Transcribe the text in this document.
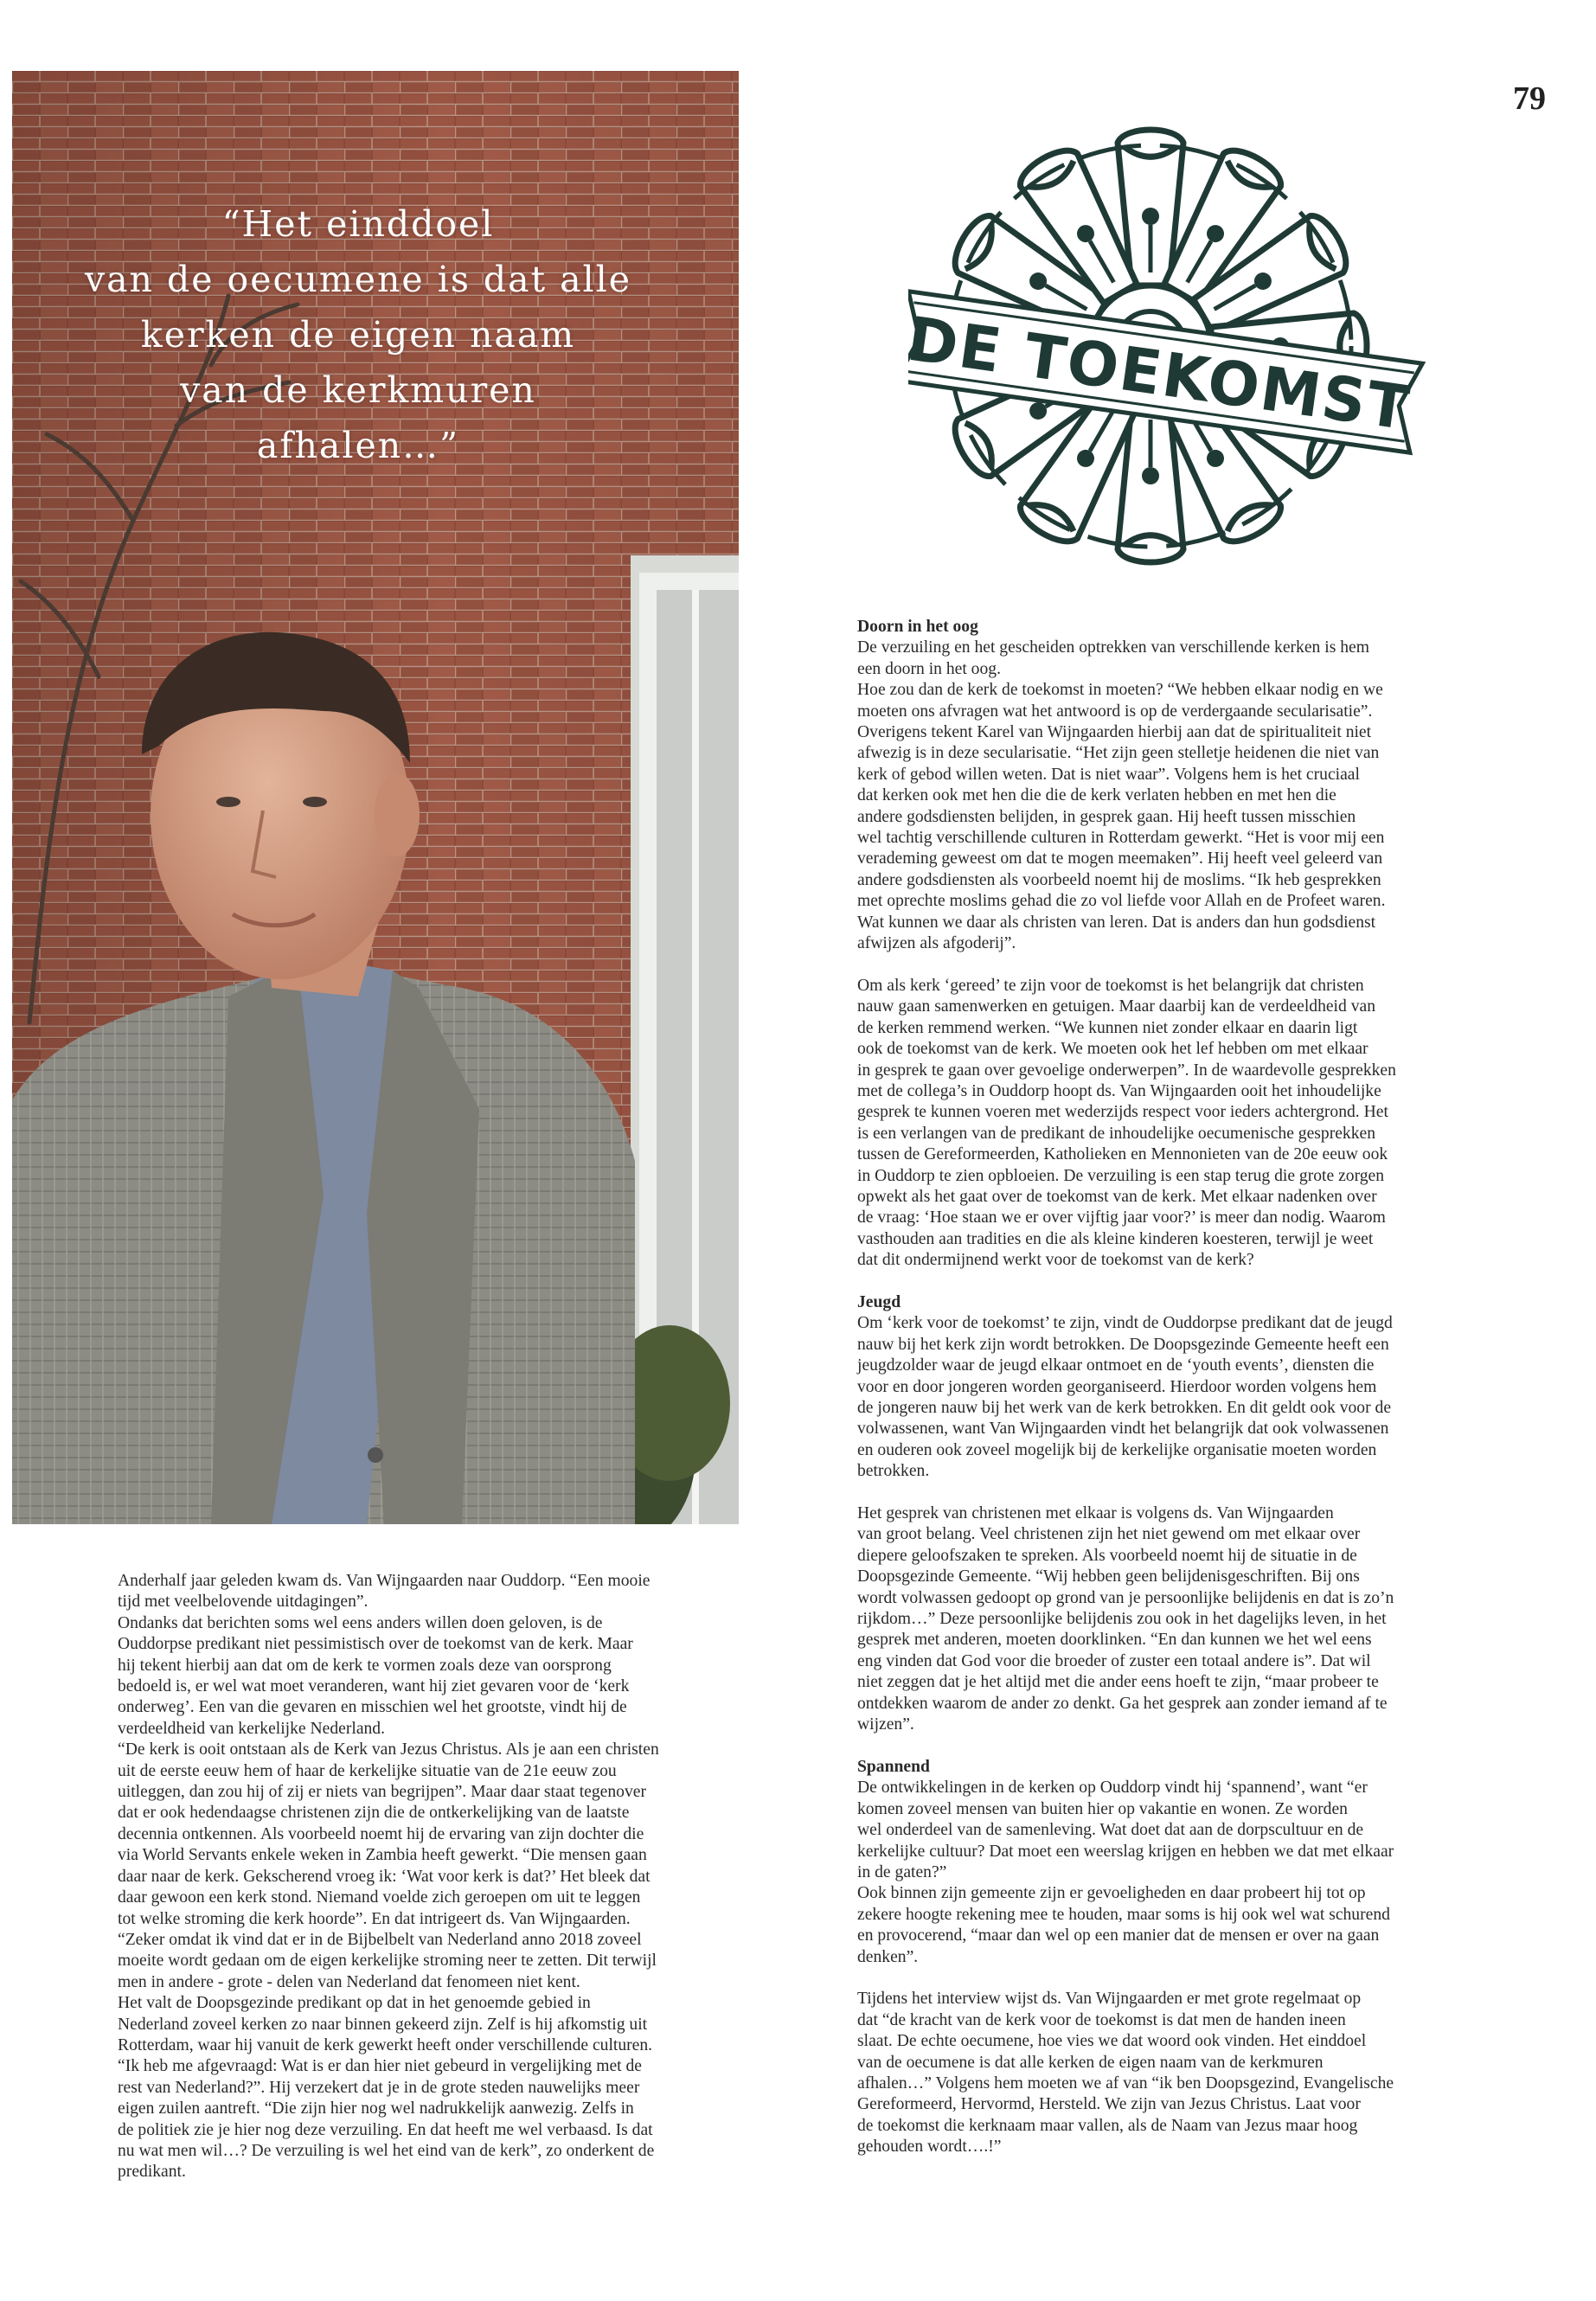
79
“Het einddoel
van de oecumene is dat alle
kerken de eigen naam
van de kerkmuren afhalen…”
DE TOEKOMST

Anderhalf jaar geleden kwam ds. Van Wijngaarden naar Ouddorp. “Een mooie

tijd met veelbelovende uitdagingen”.

Ondanks dat berichten soms wel eens anders willen doen geloven, is de

Ouddorpse predikant niet pessimistisch over de toekomst van de kerk. Maar

hij tekent hierbij aan dat om de kerk te vormen zoals deze van oorsprong

bedoeld is, er wel wat moet veranderen, want hij ziet gevaren voor de ‘kerk

onderweg’. Een van die gevaren en misschien wel het grootste, vindt hij de

verdeeldheid van kerkelijke Nederland.

“De kerk is ooit ontstaan als de Kerk van Jezus Christus. Als je aan een christen

uit de eerste eeuw hem of haar de kerkelijke situatie van de 21e eeuw zou

uitleggen, dan zou hij of zij er niets van begrijpen”. Maar daar staat tegenover

dat er ook hedendaagse christenen zijn die de ontkerkelijking van de laatste

decennia ontkennen. Als voorbeeld noemt hij de ervaring van zijn dochter die

via World Servants enkele weken in Zambia heeft gewerkt. “Die mensen gaan

daar naar de kerk. Gekscherend vroeg ik: ‘Wat voor kerk is dat?’ Het bleek dat

daar gewoon een kerk stond. Niemand voelde zich geroepen om uit te leggen

tot welke stroming die kerk hoorde”. En dat intrigeert ds. Van Wijngaarden.

“Zeker omdat ik vind dat er in de Bijbelbelt van Nederland anno 2018 zoveel

moeite wordt gedaan om de eigen kerkelijke stroming neer te zetten. Dit terwijl

men in andere - grote - delen van Nederland dat fenomeen niet kent.

Het valt de Doopsgezinde predikant op dat in het genoemde gebied in

Nederland zoveel kerken zo naar binnen gekeerd zijn. Zelf is hij afkomstig uit

Rotterdam, waar hij vanuit de kerk gewerkt heeft onder verschillende culturen.

“Ik heb me afgevraagd: Wat is er dan hier niet gebeurd in vergelijking met de

rest van Nederland?”. Hij verzekert dat je in de grote steden nauwelijks meer

eigen zuilen aantreft. “Die zijn hier nog wel nadrukkelijk aanwezig. Zelfs in

de politiek zie je hier nog deze verzuiling. En dat heeft me wel verbaasd. Is dat

nu wat men wil…? De verzuiling is wel het eind van de kerk”, zo onderkent de

predikant.

Doorn in het oog

De verzuiling en het gescheiden optrekken van verschillende kerken is hem

een doorn in het oog.

Hoe zou dan de kerk de toekomst in moeten? “We hebben elkaar nodig en we

moeten ons afvragen wat het antwoord is op de verdergaande secularisatie”.

Overigens tekent Karel van Wijngaarden hierbij aan dat de spiritualiteit niet

afwezig is in deze secularisatie. “Het zijn geen stelletje heidenen die niet van

kerk of gebod willen weten. Dat is niet waar”. Volgens hem is het cruciaal

dat kerken ook met hen die die de kerk verlaten hebben en met hen die

andere godsdiensten belijden, in gesprek gaan. Hij heeft tussen misschien

wel tachtig verschillende culturen in Rotterdam gewerkt. “Het is voor mij een

verademing geweest om dat te mogen meemaken”. Hij heeft veel geleerd van

andere godsdiensten als voorbeeld noemt hij de moslims. “Ik heb gesprekken

met oprechte moslims gehad die zo vol liefde voor Allah en de Profeet waren.

Wat kunnen we daar als christen van leren. Dat is anders dan hun godsdienst

afwijzen als afgoderij”.

Om als kerk ‘gereed’ te zijn voor de toekomst is het belangrijk dat christen

nauw gaan samenwerken en getuigen. Maar daarbij kan de verdeeldheid van

de kerken remmend werken. “We kunnen niet zonder elkaar en daarin ligt

ook de toekomst van de kerk. We moeten ook het lef hebben om met elkaar

in gesprek te gaan over gevoelige onderwerpen”. In de waardevolle gesprekken

met de collega’s in Ouddorp hoopt ds. Van Wijngaarden ooit het inhoudelijke

gesprek te kunnen voeren met wederzijds respect voor ieders achtergrond. Het

is een verlangen van de predikant de inhoudelijke oecumenische gesprekken

tussen de Gereformeerden, Katholieken en Mennonieten van de 20e eeuw ook

in Ouddorp te zien opbloeien. De verzuiling is een stap terug die grote zorgen

opwekt als het gaat over de toekomst van de kerk. Met elkaar nadenken over

de vraag: ‘Hoe staan we er over vijftig jaar voor?’ is meer dan nodig. Waarom

vasthouden aan tradities en die als kleine kinderen koesteren, terwijl je weet

dat dit ondermijnend werkt voor de toekomst van de kerk?

Jeugd

Om ‘kerk voor de toekomst’ te zijn, vindt de Ouddorpse predikant dat de jeugd

nauw bij het kerk zijn wordt betrokken. De Doopsgezinde Gemeente heeft een

jeugdzolder waar de jeugd elkaar ontmoet en de ‘youth events’, diensten die

voor en door jongeren worden georganiseerd. Hierdoor worden volgens hem

de jongeren nauw bij het werk van de kerk betrokken. En dit geldt ook voor de

volwassenen, want Van Wijngaarden vindt het belangrijk dat ook volwassenen

en ouderen ook zoveel mogelijk bij de kerkelijke organisatie moeten worden

betrokken.

Het gesprek van christenen met elkaar is volgens ds. Van Wijngaarden

van groot belang. Veel christenen zijn het niet gewend om met elkaar over

diepere geloofszaken te spreken. Als voorbeeld noemt hij de situatie in de

Doopsgezinde Gemeente. “Wij hebben geen belijdenisgeschriften. Bij ons

wordt volwassen gedoopt op grond van je persoonlijke belijdenis en dat is zo’n

rijkdom…” Deze persoonlijke belijdenis zou ook in het dagelijks leven, in het

gesprek met anderen, moeten doorklinken. “En dan kunnen we het wel eens

eng vinden dat God voor die broeder of zuster een totaal andere is”. Dat wil

niet zeggen dat je het altijd met die ander eens hoeft te zijn, “maar probeer te

ontdekken waarom de ander zo denkt. Ga het gesprek aan zonder iemand af te

wijzen”.

Spannend

De ontwikkelingen in de kerken op Ouddorp vindt hij ‘spannend’, want “er

komen zoveel mensen van buiten hier op vakantie en wonen. Ze worden

wel onderdeel van de samenleving. Wat doet dat aan de dorpscultuur en de

kerkelijke cultuur? Dat moet een weerslag krijgen en hebben we dat met elkaar

in de gaten?”

Ook binnen zijn gemeente zijn er gevoeligheden en daar probeert hij tot op

zekere hoogte rekening mee te houden, maar soms is hij ook wel wat schurend

en provocerend, “maar dan wel op een manier dat de mensen er over na gaan

denken”.

Tijdens het interview wijst ds. Van Wijngaarden er met grote regelmaat op

dat “de kracht van de kerk voor de toekomst is dat men de handen ineen

slaat. De echte oecumene, hoe vies we dat woord ook vinden. Het einddoel

van de oecumene is dat alle kerken de eigen naam van de kerkmuren

afhalen…” Volgens hem moeten we af van “ik ben Doopsgezind, Evangelische

Gereformeerd, Hervormd, Hersteld. We zijn van Jezus Christus. Laat voor

de toekomst die kerknaam maar vallen, als de Naam van Jezus maar hoog

gehouden wordt….!”
